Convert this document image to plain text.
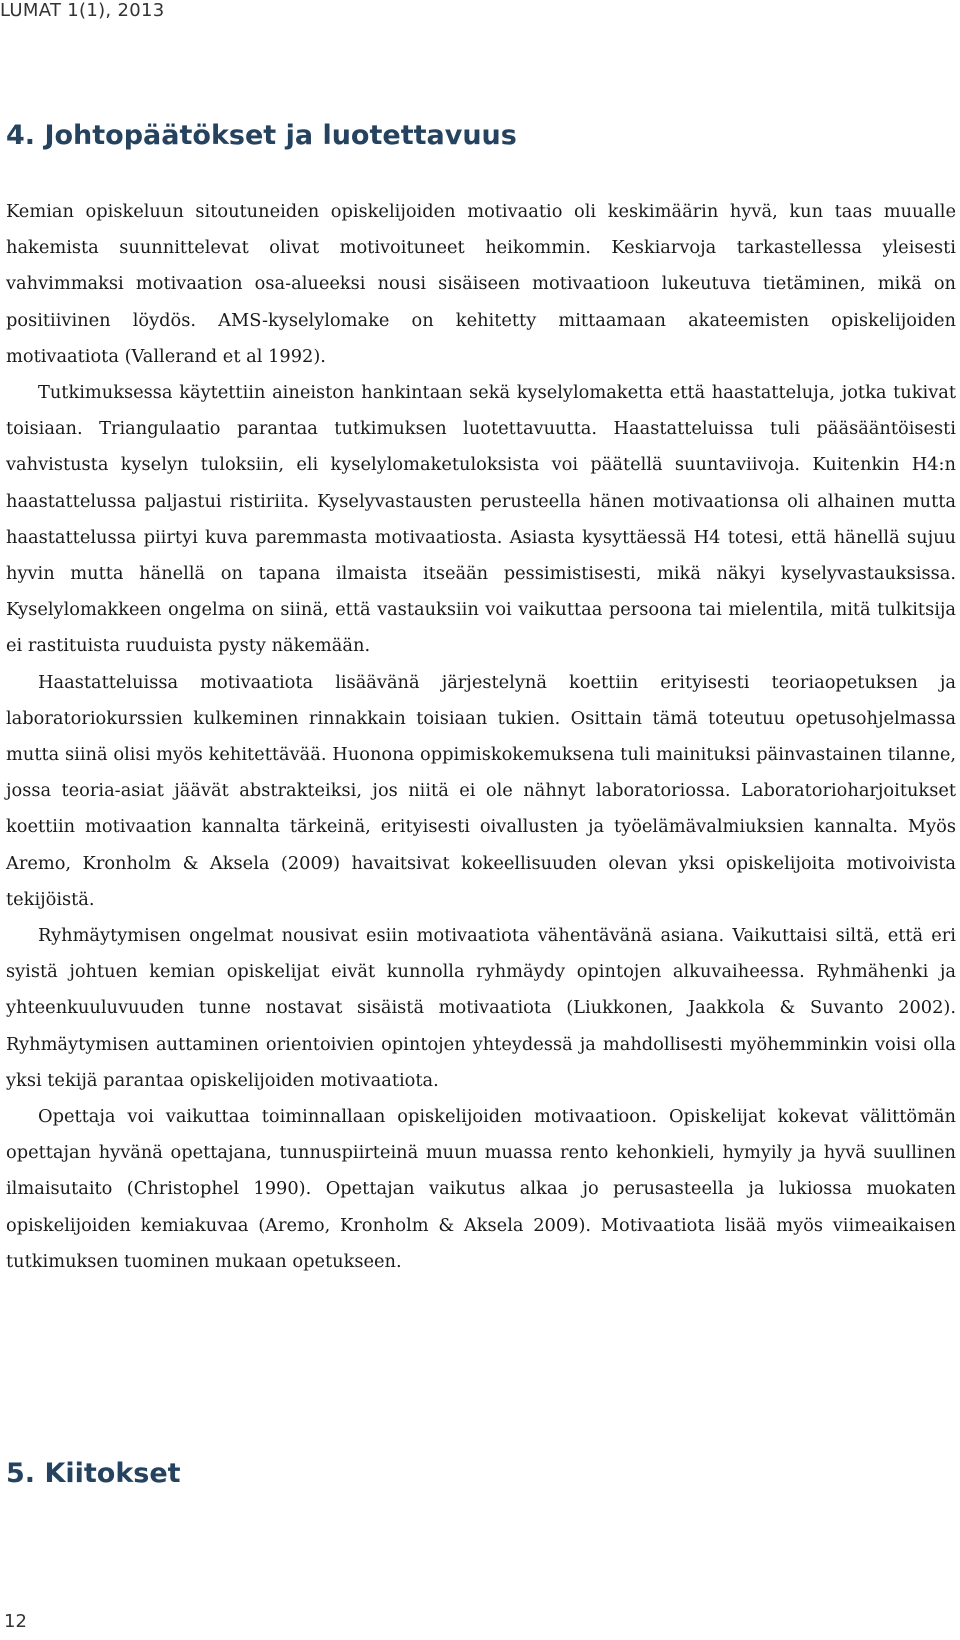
LUMAT 1(1), 2013
4. Johtopäätökset ja luotettavuus

Kemian opiskeluun sitoutuneiden opiskelijoiden motivaatio oli keskimäärin hyvä, kun taas muualle hakemista suunnittelevat olivat motivoituneet heikommin. Keskiarvoja tarkastellessa yleisesti vahvimmaksi motivaation osa-alueeksi nousi sisäiseen motivaatioon lukeutuva tietäminen, mikä on positiivinen löydös. AMS-kyselylomake on kehitetty mittaamaan akateemisten opiskelijoiden motivaatiota (Vallerand et al 1992).

Tutkimuksessa käytettiin aineiston hankintaan sekä kyselylomaketta että haastatteluja, jotka tukivat toisiaan. Triangulaatio parantaa tutkimuksen luotettavuutta. Haastatteluissa tuli pääsääntöisesti vahvistusta kyselyn tuloksiin, eli kyselylomaketuloksista voi päätellä suuntaviivoja. Kuitenkin H4:n haastattelussa paljastui ristiriita. Kyselyvastausten perusteella hänen motivaationsa oli alhainen mutta haastattelussa piirtyi kuva paremmasta motivaatiosta. Asiasta kysyttäessä H4 totesi, että hänellä sujuu hyvin mutta hänellä on tapana ilmaista itseään pessimistisesti, mikä näkyi kyselyvastauksissa. Kyselylomakkeen ongelma on siinä, että vastauksiin voi vaikuttaa persoona tai mielentila, mitä tulkitsija ei rastituista ruuduista pysty näkemään.

Haastatteluissa motivaatiota lisäävänä järjestelynä koettiin erityisesti teoriaopetuksen ja laboratoriokurssien kulkeminen rinnakkain toisiaan tukien. Osittain tämä toteutuu opetusohjelmassa mutta siinä olisi myös kehitettävää. Huonona oppimiskokemuksena tuli mainituksi päinvastainen tilanne, jossa teoria-asiat jäävät abstrakteiksi, jos niitä ei ole nähnyt laboratoriossa. Laboratorioharjoitukset koettiin motivaation kannalta tärkeinä, erityisesti oivallusten ja työelämävalmiuksien kannalta. Myös Aremo, Kronholm & Aksela (2009) havaitsivat kokeellisuuden olevan yksi opiskelijoita motivoivista tekijöistä.

Ryhmäytymisen ongelmat nousivat esiin motivaatiota vähentävänä asiana. Vaikuttaisi siltä, että eri syistä johtuen kemian opiskelijat eivät kunnolla ryhmäydy opintojen alkuvaiheessa. Ryhmähenki ja yhteenkuuluvuuden tunne nostavat sisäistä motivaatiota (Liukkonen, Jaakkola & Suvanto 2002). Ryhmäytymisen auttaminen orientoivien opintojen yhteydessä ja mahdollisesti myöhemminkin voisi olla yksi tekijä parantaa opiskelijoiden motivaatiota.

Opettaja voi vaikuttaa toiminnallaan opiskelijoiden motivaatioon. Opiskelijat kokevat välittömän opettajan hyvänä opettajana, tunnuspiirteinä muun muassa rento kehonkieli, hymyily ja hyvä suullinen ilmaisutaito (Christophel 1990). Opettajan vaikutus alkaa jo perusasteella ja lukiossa muokaten opiskelijoiden kemiakuvaa (Aremo, Kronholm & Aksela 2009). Motivaatiota lisää myös viimeaikaisen tutkimuksen tuominen mukaan opetukseen.

5. Kiitokset
12
